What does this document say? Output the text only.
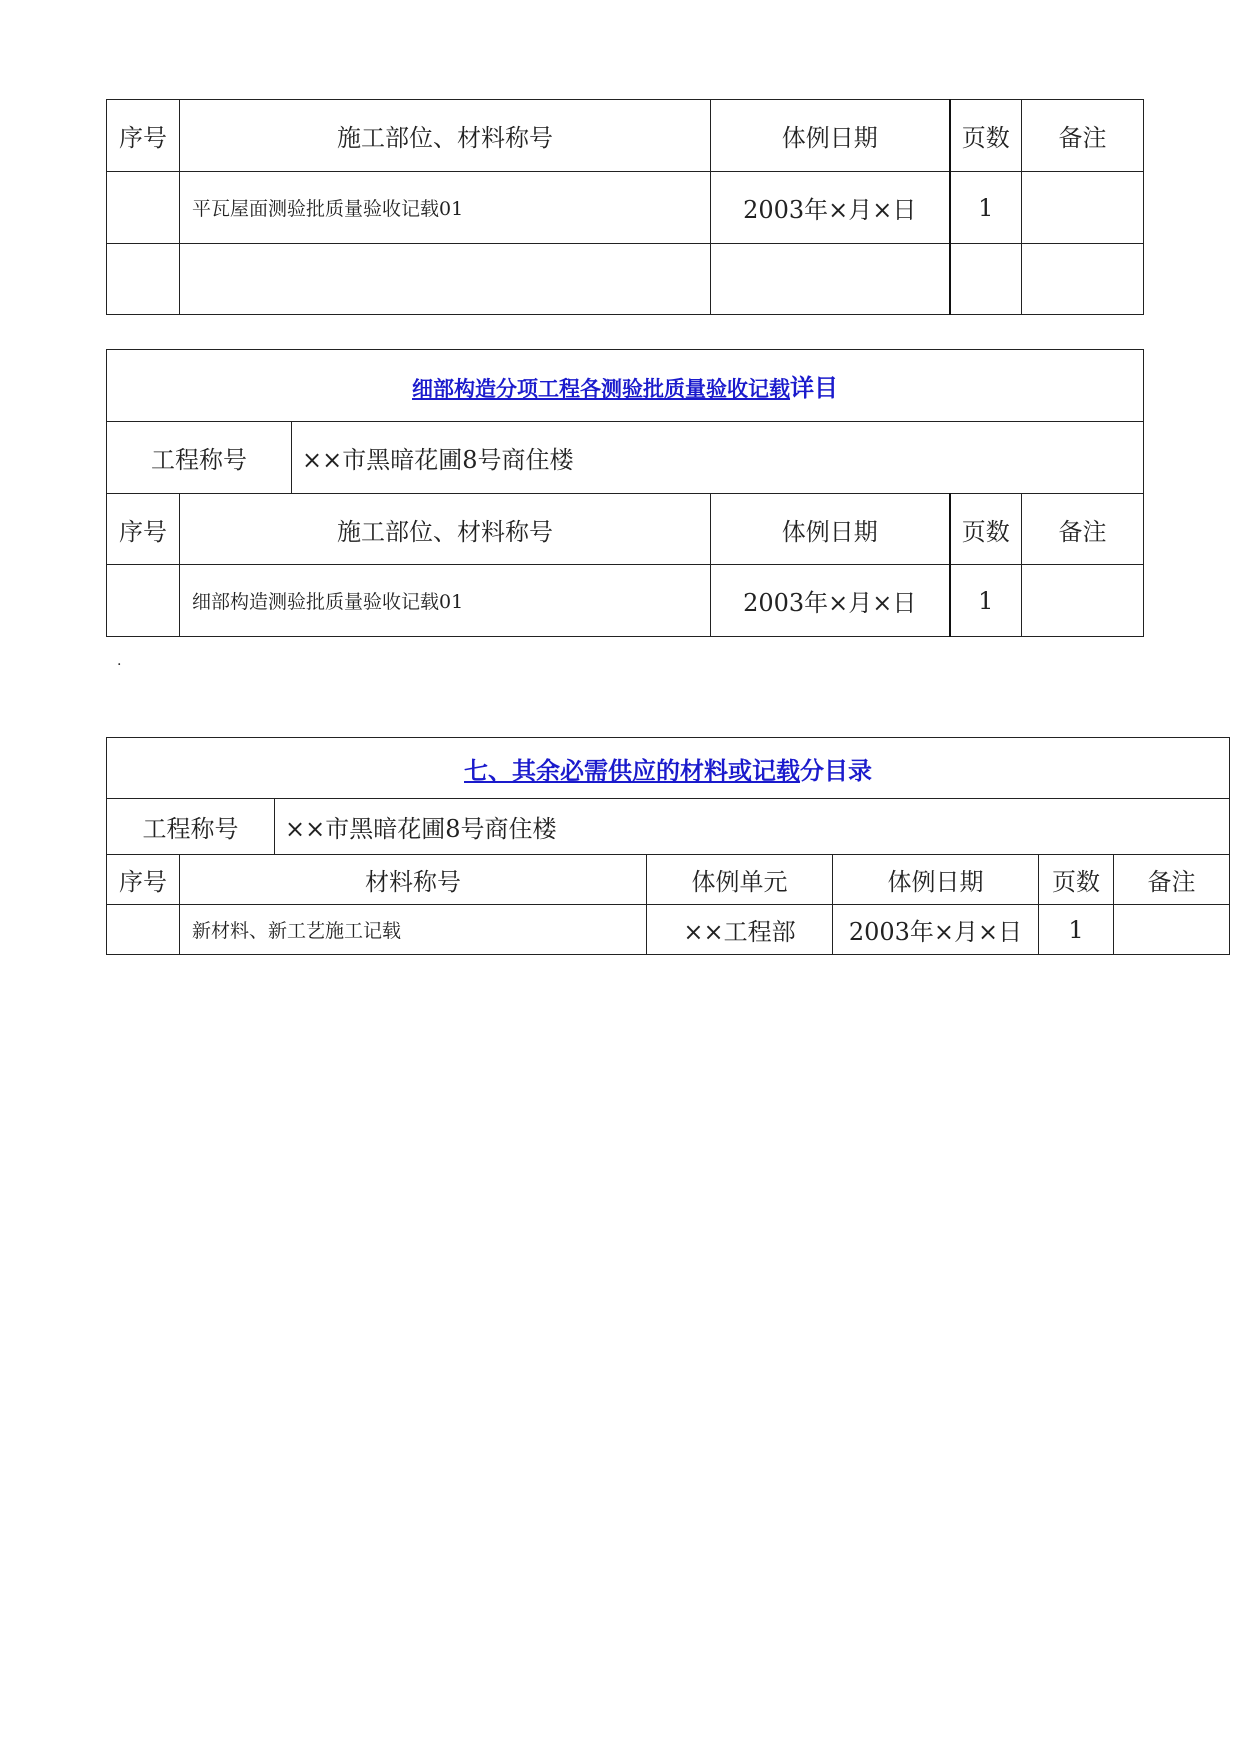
序号	施工部位、材料称号	体例日期	页数	备注
	平瓦屋面测验批质量验收记载01	2003年×月×日	1	

细部构造分项工程各测验批质量验收记载详目					
工程称号		××市黑暗花圃8号商住楼			
序号	施工部位、材料称号		体例日期	页数	备注
	细部构造测验批质量验收记载01		2003年×月×日	1	
.
七、其余必需供应的材料或记载分目录						
工程称号		××市黑暗花圃8号商住楼				
序号	材料称号		体例单元	体例日期	页数	备注
	新材料、新工艺施工记载		××工程部	2003年×月×日	1	
